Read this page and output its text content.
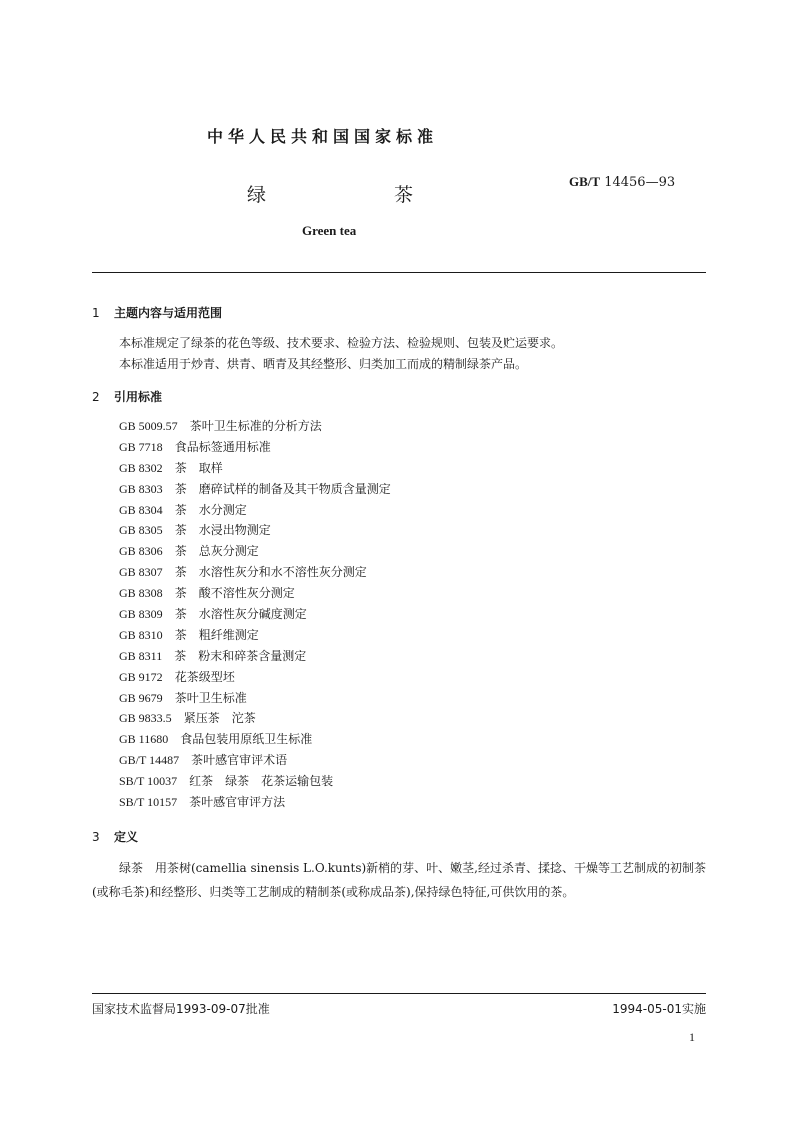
中华人民共和国国家标准
GB/T 14456—93
绿	茶
Green tea
1 主题内容与适用范围
本标准规定了绿茶的花色等级、技术要求、检验方法、检验规则、包装及贮运要求。
本标准适用于炒青、烘青、晒青及其经整形、归类加工而成的精制绿茶产品。
2 引用标准
GB 5009.57　 茶叶卫生标准的分析方法
GB 7718　 食品标签通用标准
GB 8302　 茶　取样
GB 8303　 茶　磨碎试样的制备及其干物质含量测定
GB 8304　 茶　水分测定
GB 8305　 茶　水浸出物测定
GB 8306　 茶　总灰分测定
GB 8307　 茶　水溶性灰分和水不溶性灰分测定
GB 8308　 茶　酸不溶性灰分测定
GB 8309　 茶　水溶性灰分碱度测定
GB 8310　 茶　粗纤维测定
GB 8311　 茶　粉末和碎茶含量测定
GB 9172　 花茶级型坯
GB 9679　 茶叶卫生标准
GB 9833.5　 紧压茶　沱茶
GB 11680　 食品包装用原纸卫生标准
GB/T 14487　 茶叶感官审评术语
SB/T 10037　 红茶　绿茶　花茶运输包装
SB/T 10157　 茶叶感官审评方法
3 定义

绿茶　用茶树(camellia sinensis L.O.kunts)新梢的芽、叶、嫩茎,经过杀青、揉捻、干燥等工艺制成的初制茶(或称毛茶)和经整形、归类等工艺制成的精制茶(或称成品茶),保持绿色特征,可供饮用的茶。

国家技术监督局1993-09-07批准	1994-05-01实施
1
